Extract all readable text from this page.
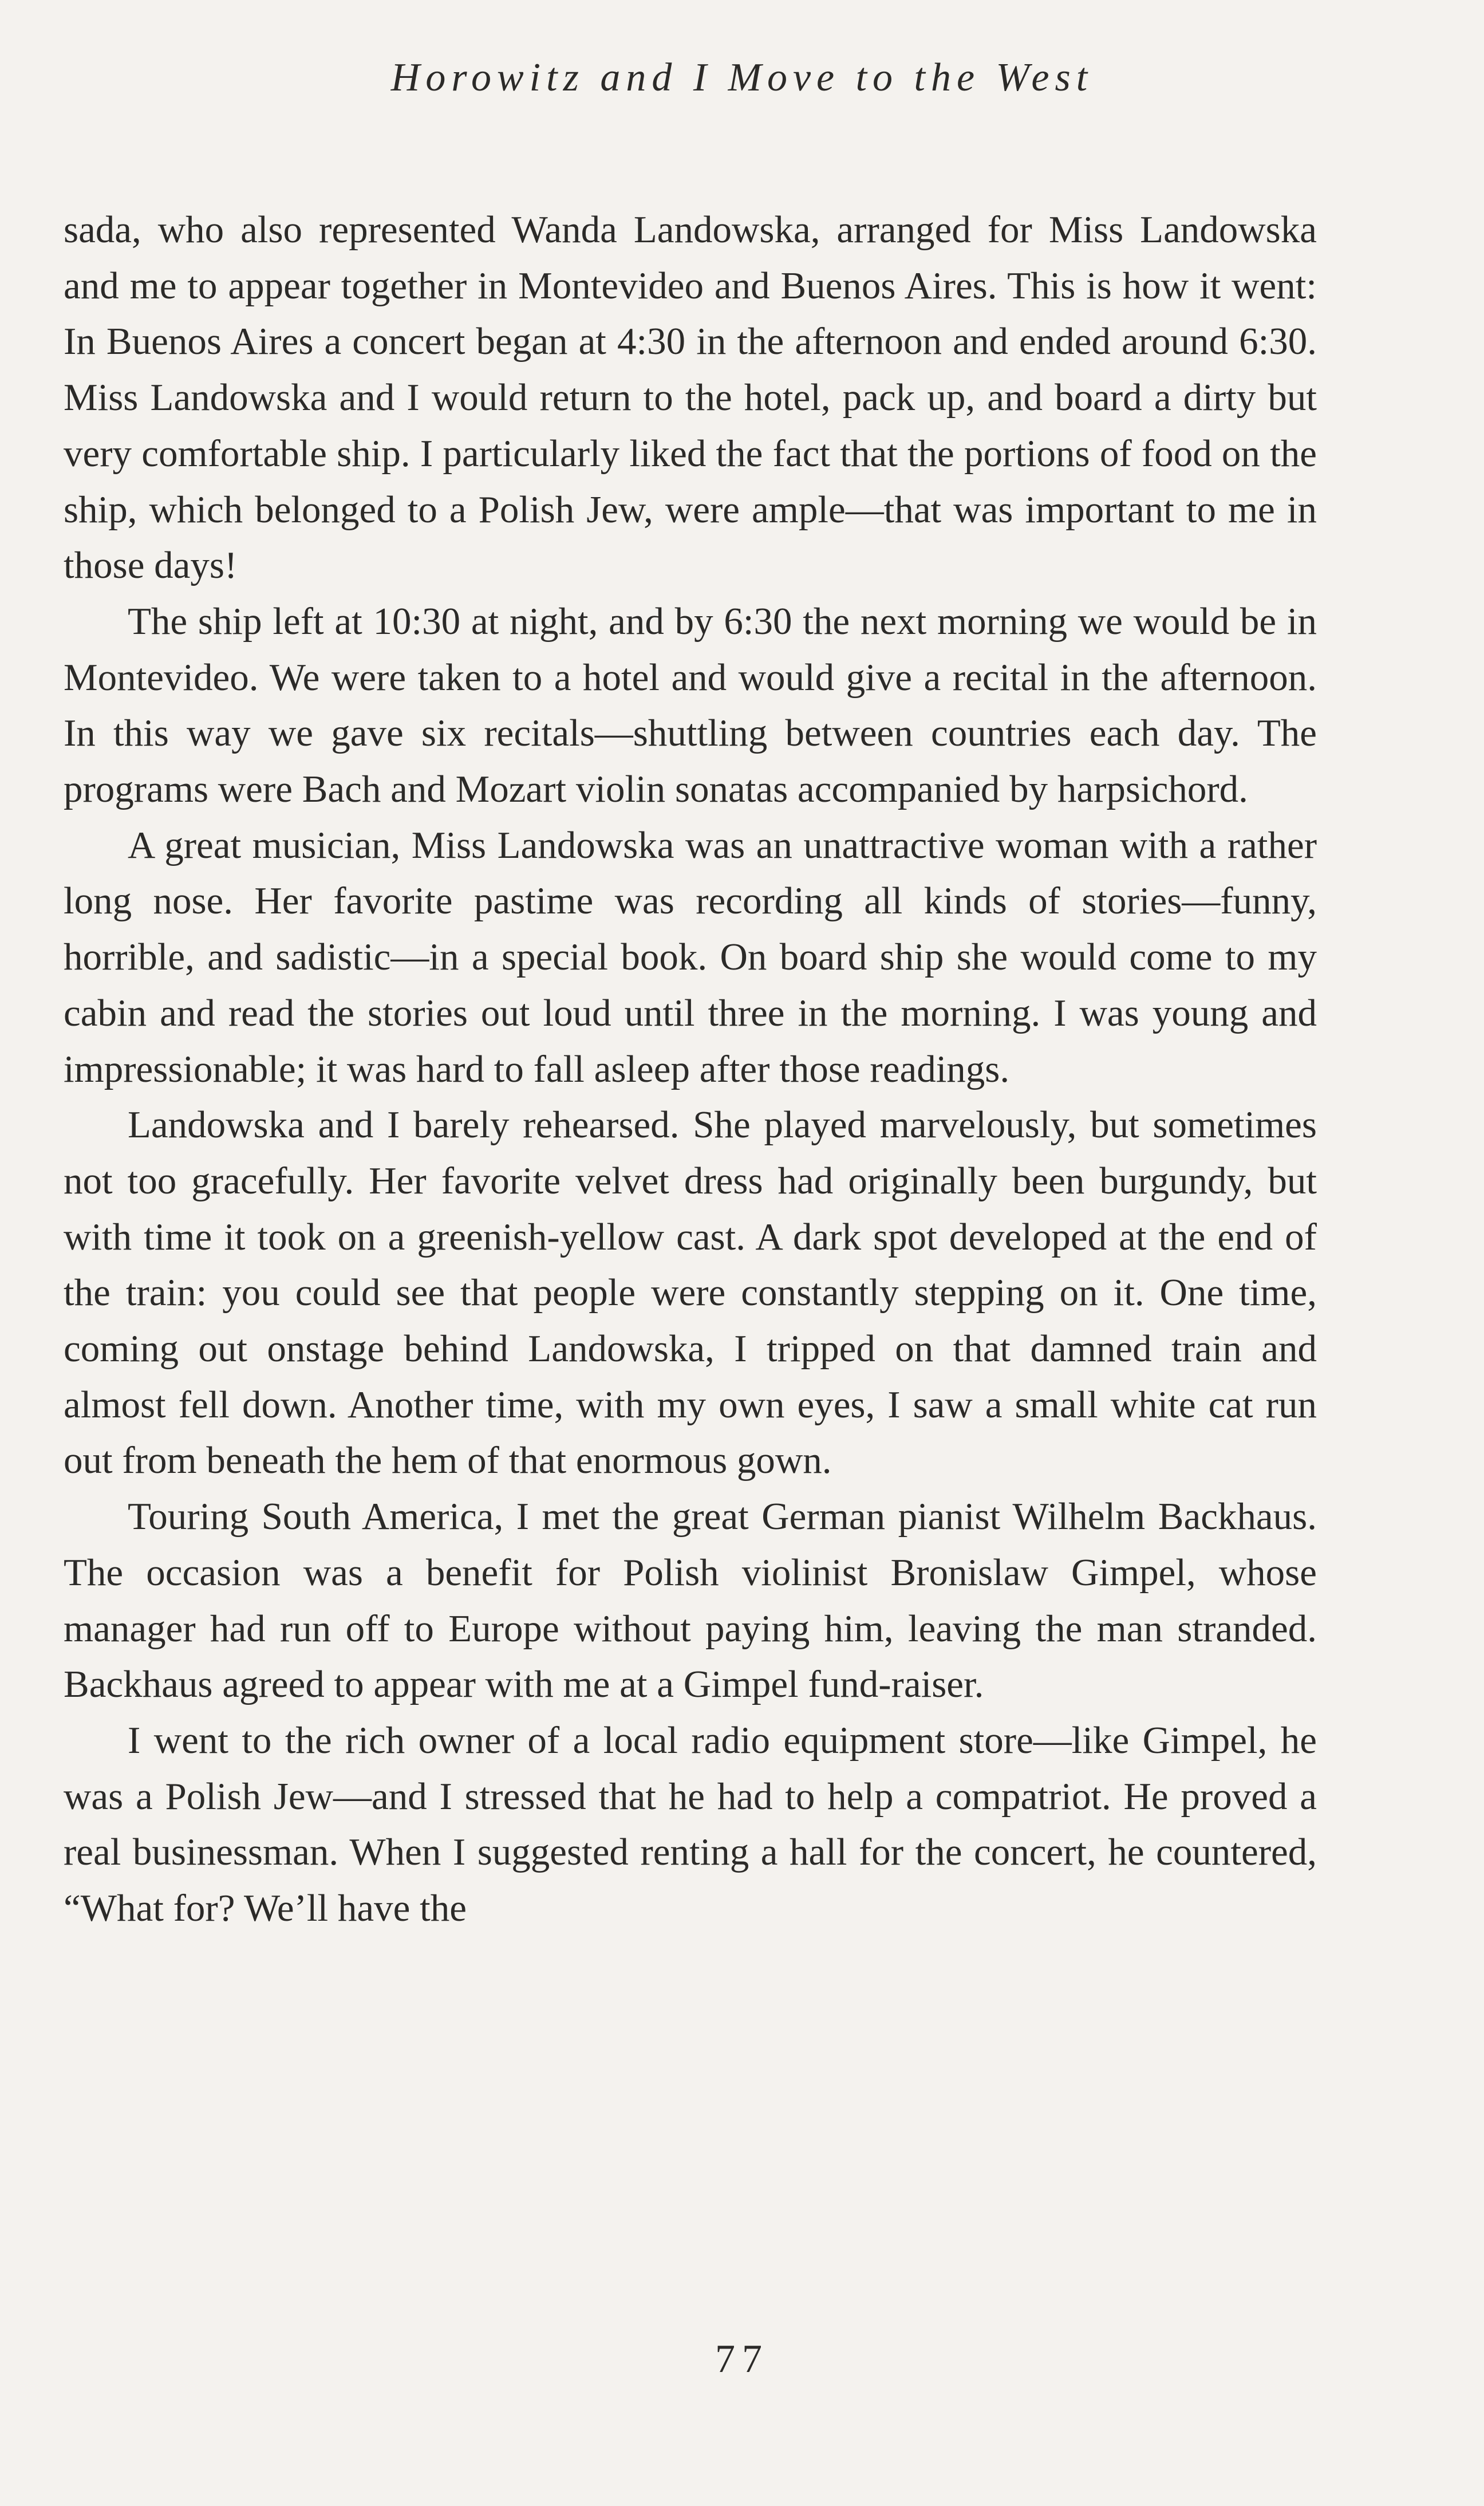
Horowitz and I Move to the West

sada, who also represented Wanda Landowska, arranged for Miss Landowska and me to appear together in Montevideo and Buenos Aires. This is how it went: In Buenos Aires a concert began at 4:30 in the afternoon and ended around 6:30. Miss Landowska and I would return to the hotel, pack up, and board a dirty but very comfortable ship. I particularly liked the fact that the portions of food on the ship, which belonged to a Polish Jew, were ample—that was important to me in those days!

The ship left at 10:30 at night, and by 6:30 the next morning we would be in Montevideo. We were taken to a hotel and would give a recital in the afternoon. In this way we gave six recitals—shuttling between countries each day. The programs were Bach and Mozart violin sonatas accompanied by harpsichord.

A great musician, Miss Landowska was an unattractive woman with a rather long nose. Her favorite pastime was recording all kinds of stories—funny, horrible, and sadistic—in a special book. On board ship she would come to my cabin and read the stories out loud until three in the morning. I was young and impressionable; it was hard to fall asleep after those readings.

Landowska and I barely rehearsed. She played marvelously, but sometimes not too gracefully. Her favorite velvet dress had originally been burgundy, but with time it took on a greenish-yellow cast. A dark spot developed at the end of the train: you could see that people were constantly stepping on it. One time, coming out onstage behind Landowska, I tripped on that damned train and almost fell down. Another time, with my own eyes, I saw a small white cat run out from beneath the hem of that enormous gown.

Touring South America, I met the great German pianist Wilhelm Backhaus. The occasion was a benefit for Polish violinist Bronislaw Gimpel, whose manager had run off to Europe without paying him, leaving the man stranded. Backhaus agreed to appear with me at a Gimpel fund-raiser.

I went to the rich owner of a local radio equipment store—like Gimpel, he was a Polish Jew—and I stressed that he had to help a compatriot. He proved a real businessman. When I suggested renting a hall for the concert, he countered, “What for? We’ll have the

77
